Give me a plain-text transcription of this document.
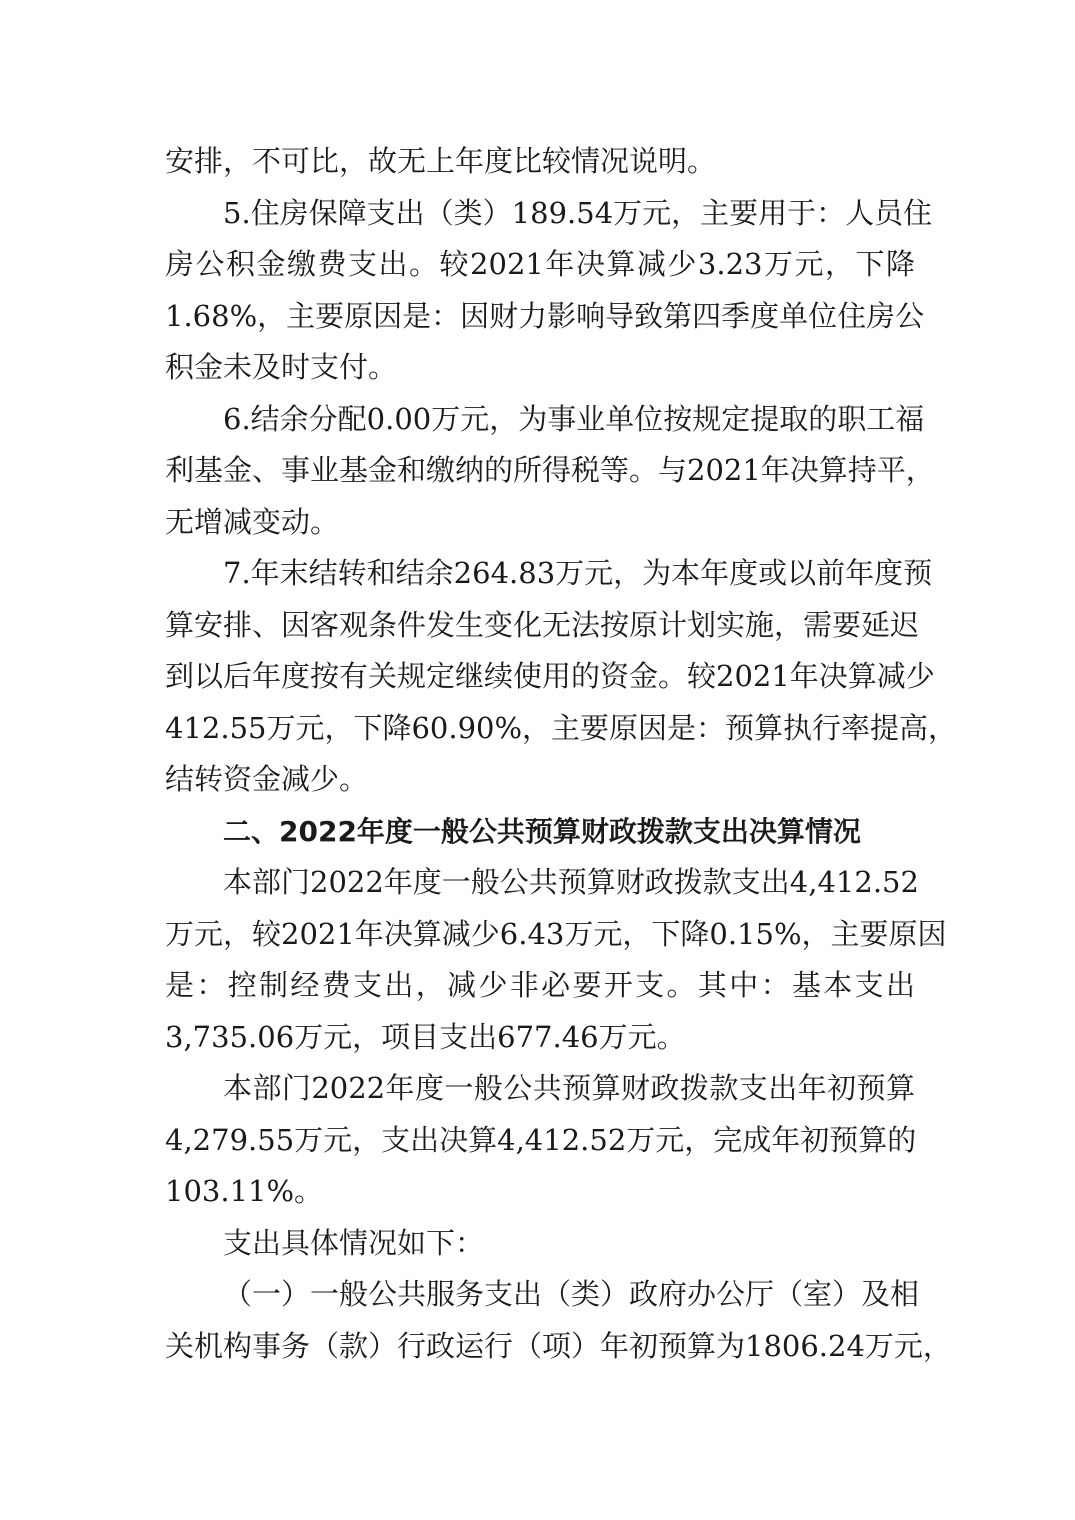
安排，不可比，故无上年度比较情况说明。
5.住房保障支出（类）189.54万元，主要用于：人员住
房公积金缴费支出。较2021年决算减少3.23万元，下降
1.68%，主要原因是：因财力影响导致第四季度单位住房公
积金未及时支付。
6.结余分配0.00万元，为事业单位按规定提取的职工福
利基金、事业基金和缴纳的所得税等。与2021年决算持平，
无增减变动。
7.年末结转和结余264.83万元，为本年度或以前年度预
算安排、因客观条件发生变化无法按原计划实施，需要延迟
到以后年度按有关规定继续使用的资金。较2021年决算减少
412.55万元，下降60.90%，主要原因是：预算执行率提高，
结转资金减少。
二、2022年度一般公共预算财政拨款支出决算情况
本部门2022年度一般公共预算财政拨款支出4,412.52
万元，较2021年决算减少6.43万元，下降0.15%，主要原因
是：控制经费支出，减少非必要开支。其中：基本支出
3,735.06万元，项目支出677.46万元。
本部门2022年度一般公共预算财政拨款支出年初预算
4,279.55万元，支出决算4,412.52万元，完成年初预算的
103.11%。
支出具体情况如下：
（一）一般公共服务支出（类）政府办公厅（室）及相
关机构事务（款）行政运行（项）年初预算为1806.24万元，
